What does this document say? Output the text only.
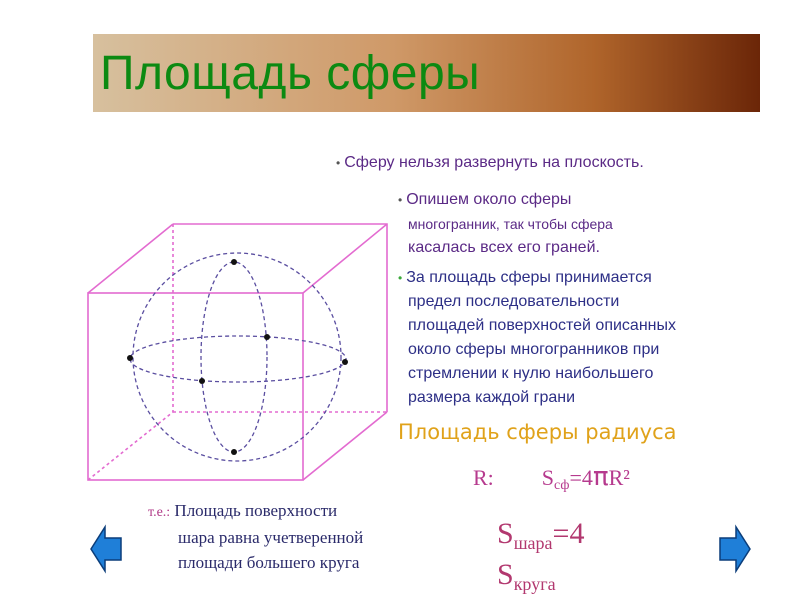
Площадь сферы
• Сферу нельзя развернуть на плоскость.
• Опишем около сферы
многогранник, так чтобы сфера
касалась всех его граней.
• За площадь сферы принимается
предел последовательности
площадей поверхностей описанных
около сферы многогранников при
стремлении к нулю наибольшего
размера каждой грани
Площадь сферы радиуса
R: $S_{сф}=4\pi R^2$
т.е.: Площадь поверхности
шара равна учетверенной
площади большего круга
$S_{шара}=4$
$S_{круга}$
